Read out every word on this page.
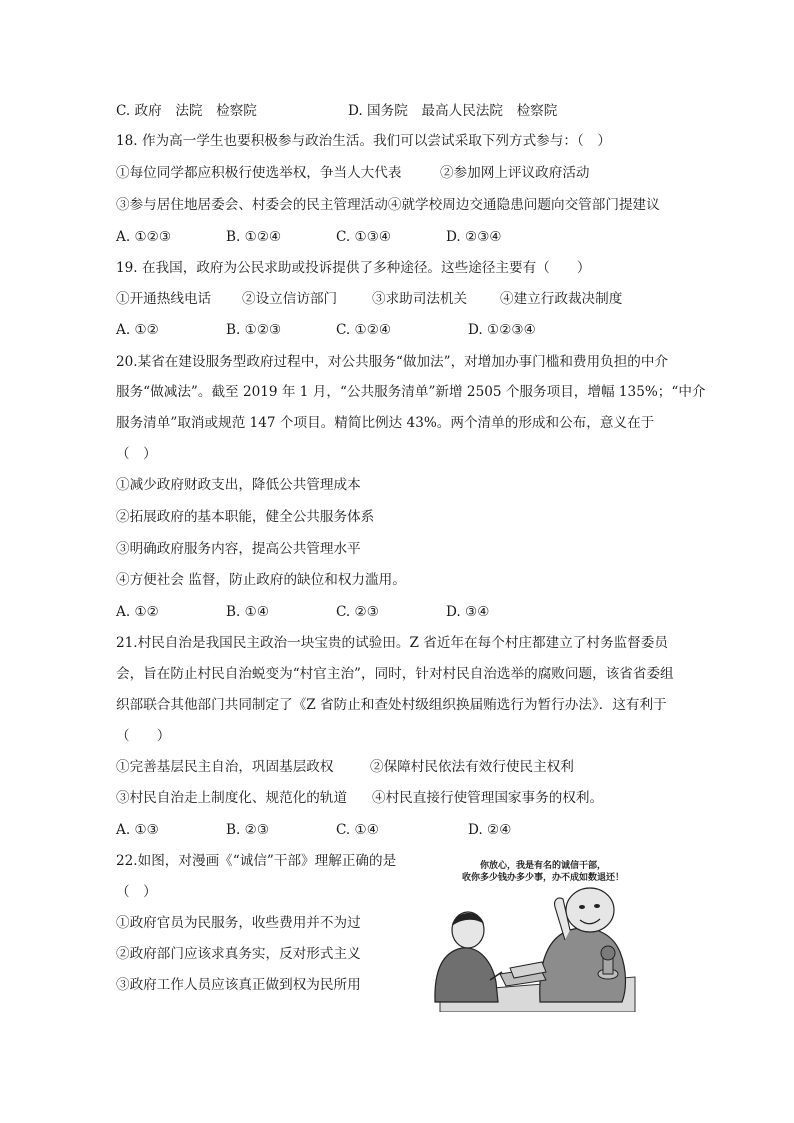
C. 政府　法院　检察院	D. 国务院　最高人民法院　检察院
18. 作为高一学生也要积极参与政治生活。我们可以尝试采取下列方式参与：（　）
①每位同学都应积极行使选举权，争当人大代表	②参加网上评议政府活动
③参与居住地居委会、村委会的民主管理活动④就学校周边交通隐患问题向交管部门提建议
A. ①②③	B. ①②④	C. ①③④	D. ②③④
19. 在我国，政府为公民求助或投诉提供了多种途径。这些途径主要有（　　）
①开通热线电话 ②设立信访部门	③求助司法机关 ④建立行政裁决制度
A. ①②	B. ①②③	C. ①②④	D. ①②③④
20.某省在建设服务型政府过程中，对公共服务“做加法”，对增加办事门槛和费用负担的中介
服务“做减法”。截至 2019 年 1 月，“公共服务清单”新增 2505 个服务项目，增幅 135%；“中介
服务清单”取消或规范 147 个项目。精简比例达 43%。两个清单的形成和公布，意义在于
（　）
①减少政府财政支出，降低公共管理成本
②拓展政府的基本职能，健全公共服务体系
③明确政府服务内容，提高公共管理水平
④方便社会 监督，防止政府的缺位和权力滥用。
A. ①②	B. ①④	C. ②③	D. ③④
21.村民自治是我国民主政治一块宝贵的试验田。Z 省近年在每个村庄都建立了村务监督委员
会，旨在防止村民自治蜕变为“村官主治”，同时，针对村民自治选举的腐败问题，该省省委组
织部联合其他部门共同制定了《Z 省防止和查处村级组织换届贿选行为暂行办法》．这有利于
（　　）
①完善基层民主自治，巩固基层政权	②保障村民依法有效行使民主权利
③村民自治走上制度化、规范化的轨道 ④村民直接行使管理国家事务的权利。
A. ①③	B. ②③	C. ①④	D. ②④
22.如图，对漫画《“诚信”干部》理解正确的是
（　）
①政府官员为民服务，收些费用并不为过
②政府部门应该求真务实，反对形式主义
③政府工作人员应该真正做到权为民所用
你放心，我是有名的诚信干部，
收你多少钱办多少事，办不成如数退还！
